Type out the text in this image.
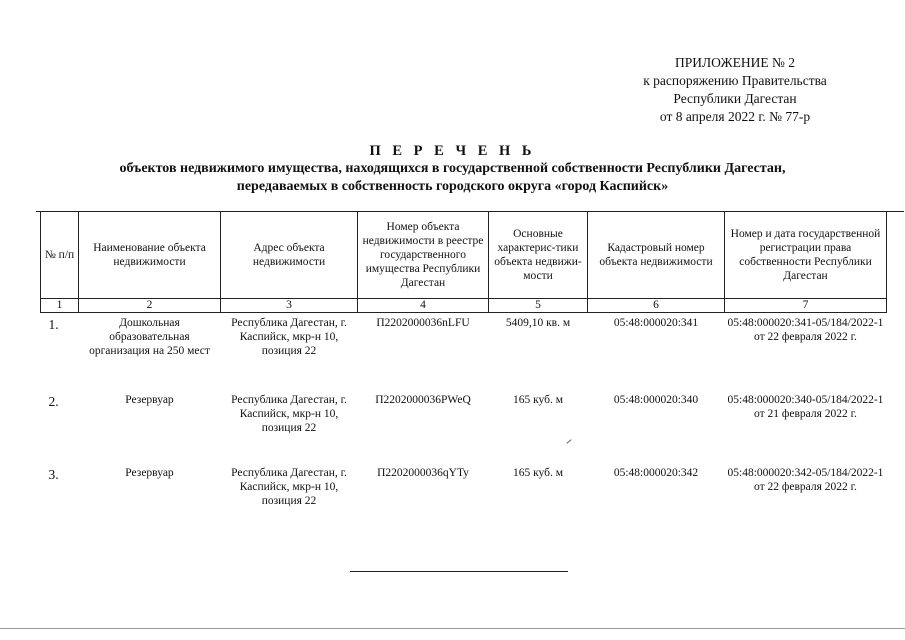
ПРИЛОЖЕНИЕ № 2
к распоряжению Правительства
Республики Дагестан
от 8 апреля 2022 г. № 77-р
П Е Р Е Ч Е Н Ь
объектов недвижимого имущества, находящихся в государственной собственности Республики Дагестан,
передаваемых в собственность городского округа «город Каспийск»
№ п/п	Наименование объекта недвижимости	Адрес объекта недвижимости	Номер объекта недвижимости в реестре государственного имущества Республики Дагестан	Основные характерис-тики объекта недвижи-мости	Кадастровый номер объекта недвижимости	Номер и дата государственной регистрации права собственности Республики Дагестан
1	2	3	4	5	6	7
1.	Дошкольная образовательная организация на 250 мест	Республика Дагестан, г. Каспийск, мкр-н 10, позиция 22	П2202000036nLFU	5409,10 кв. м	05:48:000020:341	05:48:000020:341-05/184/2022-1 от 22 февраля 2022 г.
2.	Резервуар	Республика Дагестан, г. Каспийск, мкр-н 10, позиция 22	П2202000036PWeQ	165 куб. м	05:48:000020:340	05:48:000020:340-05/184/2022-1 от 21 февраля 2022 г.
3.	Резервуар	Республика Дагестан, г. Каспийск, мкр-н 10, позиция 22	П2202000036qYTy	165 куб. м	05:48:000020:342	05:48:000020:342-05/184/2022-1 от 22 февраля 2022 г.
